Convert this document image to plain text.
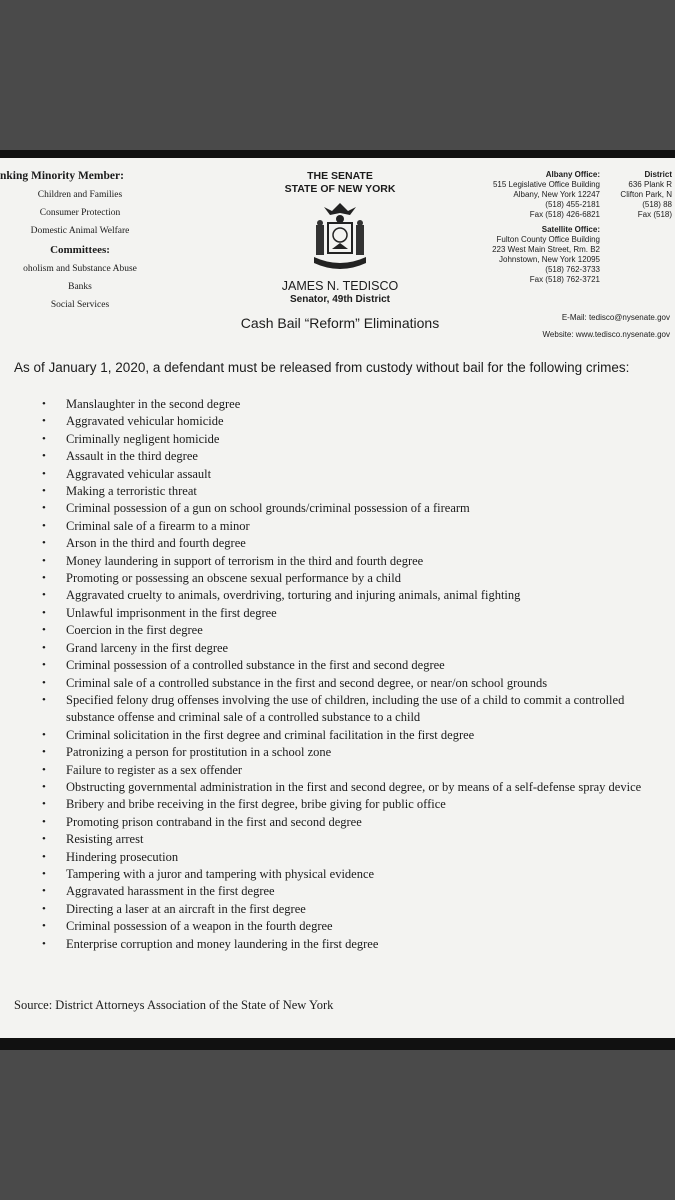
nking Minority Member:
Children and Families
Consumer Protection
Domestic Animal Welfare
Committees:
oholism and Substance Abuse
Banks
Social Services
THE SENATE
STATE OF NEW YORK
JAMES N. TEDISCO
Senator, 49th District
Cash Bail “Reform” Eliminations
Albany Office:
515 Legislative Office Building
Albany, New York 12247
(518) 455-2181
Fax (518) 426-6821
Satellite Office:
Fulton County Office Building
223 West Main Street, Rm. B2
Johnstown, New York 12095
(518) 762-3733
Fax (518) 762-3721
District
636 Plank R
Clifton Park, N
(518) 88
Fax (518)
E-Mail: tedisco@nysenate.gov
Website: www.tedisco.nysenate.gov
As of January 1, 2020, a defendant must be released from custody without bail for the following crimes:
• Manslaughter in the second degree
• Aggravated vehicular homicide
• Criminally negligent homicide
• Assault in the third degree
• Aggravated vehicular assault
• Making a terroristic threat
• Criminal possession of a gun on school grounds/criminal possession of a firearm
• Criminal sale of a firearm to a minor
• Arson in the third and fourth degree
• Money laundering in support of terrorism in the third and fourth degree
• Promoting or possessing an obscene sexual performance by a child
• Aggravated cruelty to animals, overdriving, torturing and injuring animals, animal fighting
• Unlawful imprisonment in the first degree
• Coercion in the first degree
• Grand larceny in the first degree
• Criminal possession of a controlled substance in the first and second degree
• Criminal sale of a controlled substance in the first and second degree, or near/on school grounds
• Specified felony drug offenses involving the use of children, including the use of a child to commit a controlled substance offense and criminal sale of a controlled substance to a child
• Criminal solicitation in the first degree and criminal facilitation in the first degree
• Patronizing a person for prostitution in a school zone
• Failure to register as a sex offender
• Obstructing governmental administration in the first and second degree, or by means of a self-defense spray device
• Bribery and bribe receiving in the first degree, bribe giving for public office
• Promoting prison contraband in the first and second degree
• Resisting arrest
• Hindering prosecution
• Tampering with a juror and tampering with physical evidence
• Aggravated harassment in the first degree
• Directing a laser at an aircraft in the first degree
• Criminal possession of a weapon in the fourth degree
• Enterprise corruption and money laundering in the first degree
Source: District Attorneys Association of the State of New York
